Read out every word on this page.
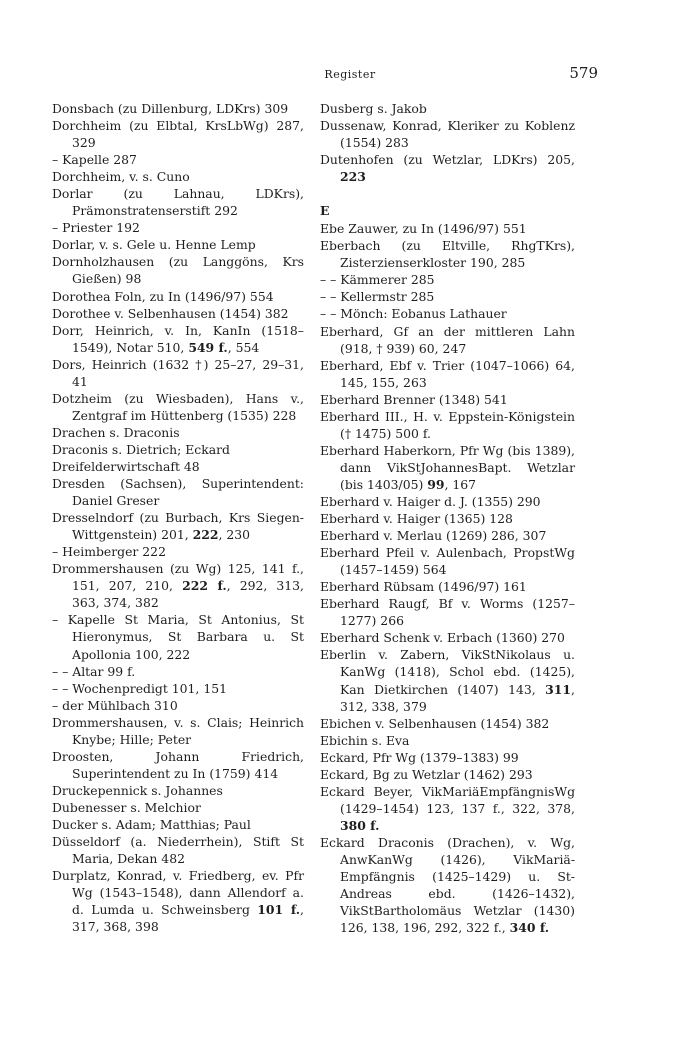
Register	579
Donsbach (zu Dillenburg, LDKrs) 309
Dorchheim (zu Elbtal, KrsLbWg) 287, 329
– Kapelle 287
Dorchheim, v. s. Cuno
Dorlar (zu Lahnau, LDKrs), Prämonstratenserstift 292
– Priester 192
Dorlar, v. s. Gele u. Henne Lemp
Dornholzhausen (zu Langgöns, Krs Gießen) 98
Dorothea Foln, zu In (1496/97) 554
Dorothee v. Selbenhausen (1454) 382
Dorr, Heinrich, v. In, KanIn (1518–1549), Notar 510, 549 f., 554
Dors, Heinrich (1632 †) 25–27, 29–31, 41
Dotzheim (zu Wiesbaden), Hans v., Zentgraf im Hüttenberg (1535) 228
Drachen s. Draconis
Draconis s. Dietrich; Eckard
Dreifelderwirtschaft 48
Dresden (Sachsen), Superintendent: Daniel Greser
Dresselndorf (zu Burbach, Krs Siegen-Wittgenstein) 201, 222, 230
– Heimberger 222
Drommershausen (zu Wg) 125, 141 f., 151, 207, 210, 222 f., 292, 313, 363, 374, 382
– Kapelle St Maria, St Antonius, St Hieronymus, St Barbara u. St Apollonia 100, 222
– – Altar 99 f.
– – Wochenpredigt 101, 151
– der Mühlbach 310
Drommershausen, v. s. Clais; Heinrich Knybe; Hille; Peter
Droosten, Johann Friedrich, Superintendent zu In (1759) 414
Druckepennick s. Johannes
Dubenesser s. Melchior
Ducker s. Adam; Matthias; Paul
Düsseldorf (a. Niederrhein), Stift St Maria, Dekan 482
Durplatz, Konrad, v. Friedberg, ev. Pfr Wg (1543–1548), dann Allendorf a. d. Lumda u. Schweinsberg 101 f., 317, 368, 398
Dusberg s. Jakob
Dussenaw, Konrad, Kleriker zu Koblenz (1554) 283
Dutenhofen (zu Wetzlar, LDKrs) 205, 223
E
Ebe Zauwer, zu In (1496/97) 551
Eberbach (zu Eltville, RhgTKrs), Zisterzienserkloster 190, 285
– – Kämmerer 285
– – Kellermstr 285
– – Mönch: Eobanus Lathauer
Eberhard, Gf an der mittleren Lahn (918, † 939) 60, 247
Eberhard, Ebf v. Trier (1047–1066) 64, 145, 155, 263
Eberhard Brenner (1348) 541
Eberhard III., H. v. Eppstein-Königstein († 1475) 500 f.
Eberhard Haberkorn, Pfr Wg (bis 1389), dann VikStJohannesBapt. Wetzlar (bis 1403/05) 99, 167
Eberhard v. Haiger d. J. (1355) 290
Eberhard v. Haiger (1365) 128
Eberhard v. Merlau (1269) 286, 307
Eberhard Pfeil v. Aulenbach, PropstWg (1457–1459) 564
Eberhard Rübsam (1496/97) 161
Eberhard Raugf, Bf v. Worms (1257–1277) 266
Eberhard Schenk v. Erbach (1360) 270
Eberlin v. Zabern, VikStNikolaus u. KanWg (1418), Schol ebd. (1425), Kan Dietkirchen (1407) 143, 311, 312, 338, 379
Ebichen v. Selbenhausen (1454) 382
Ebichin s. Eva
Eckard, Pfr Wg (1379–1383) 99
Eckard, Bg zu Wetzlar (1462) 293
Eckard Beyer, VikMariäEmpfängnisWg (1429–1454) 123, 137 f., 322, 378, 380 f.
Eckard Draconis (Drachen), v. Wg, AnwKanWg (1426), VikMariä-Empfängnis (1425–1429) u. St-Andreas ebd. (1426–1432), VikStBartholomäus Wetzlar (1430) 126, 138, 196, 292, 322 f., 340 f.
